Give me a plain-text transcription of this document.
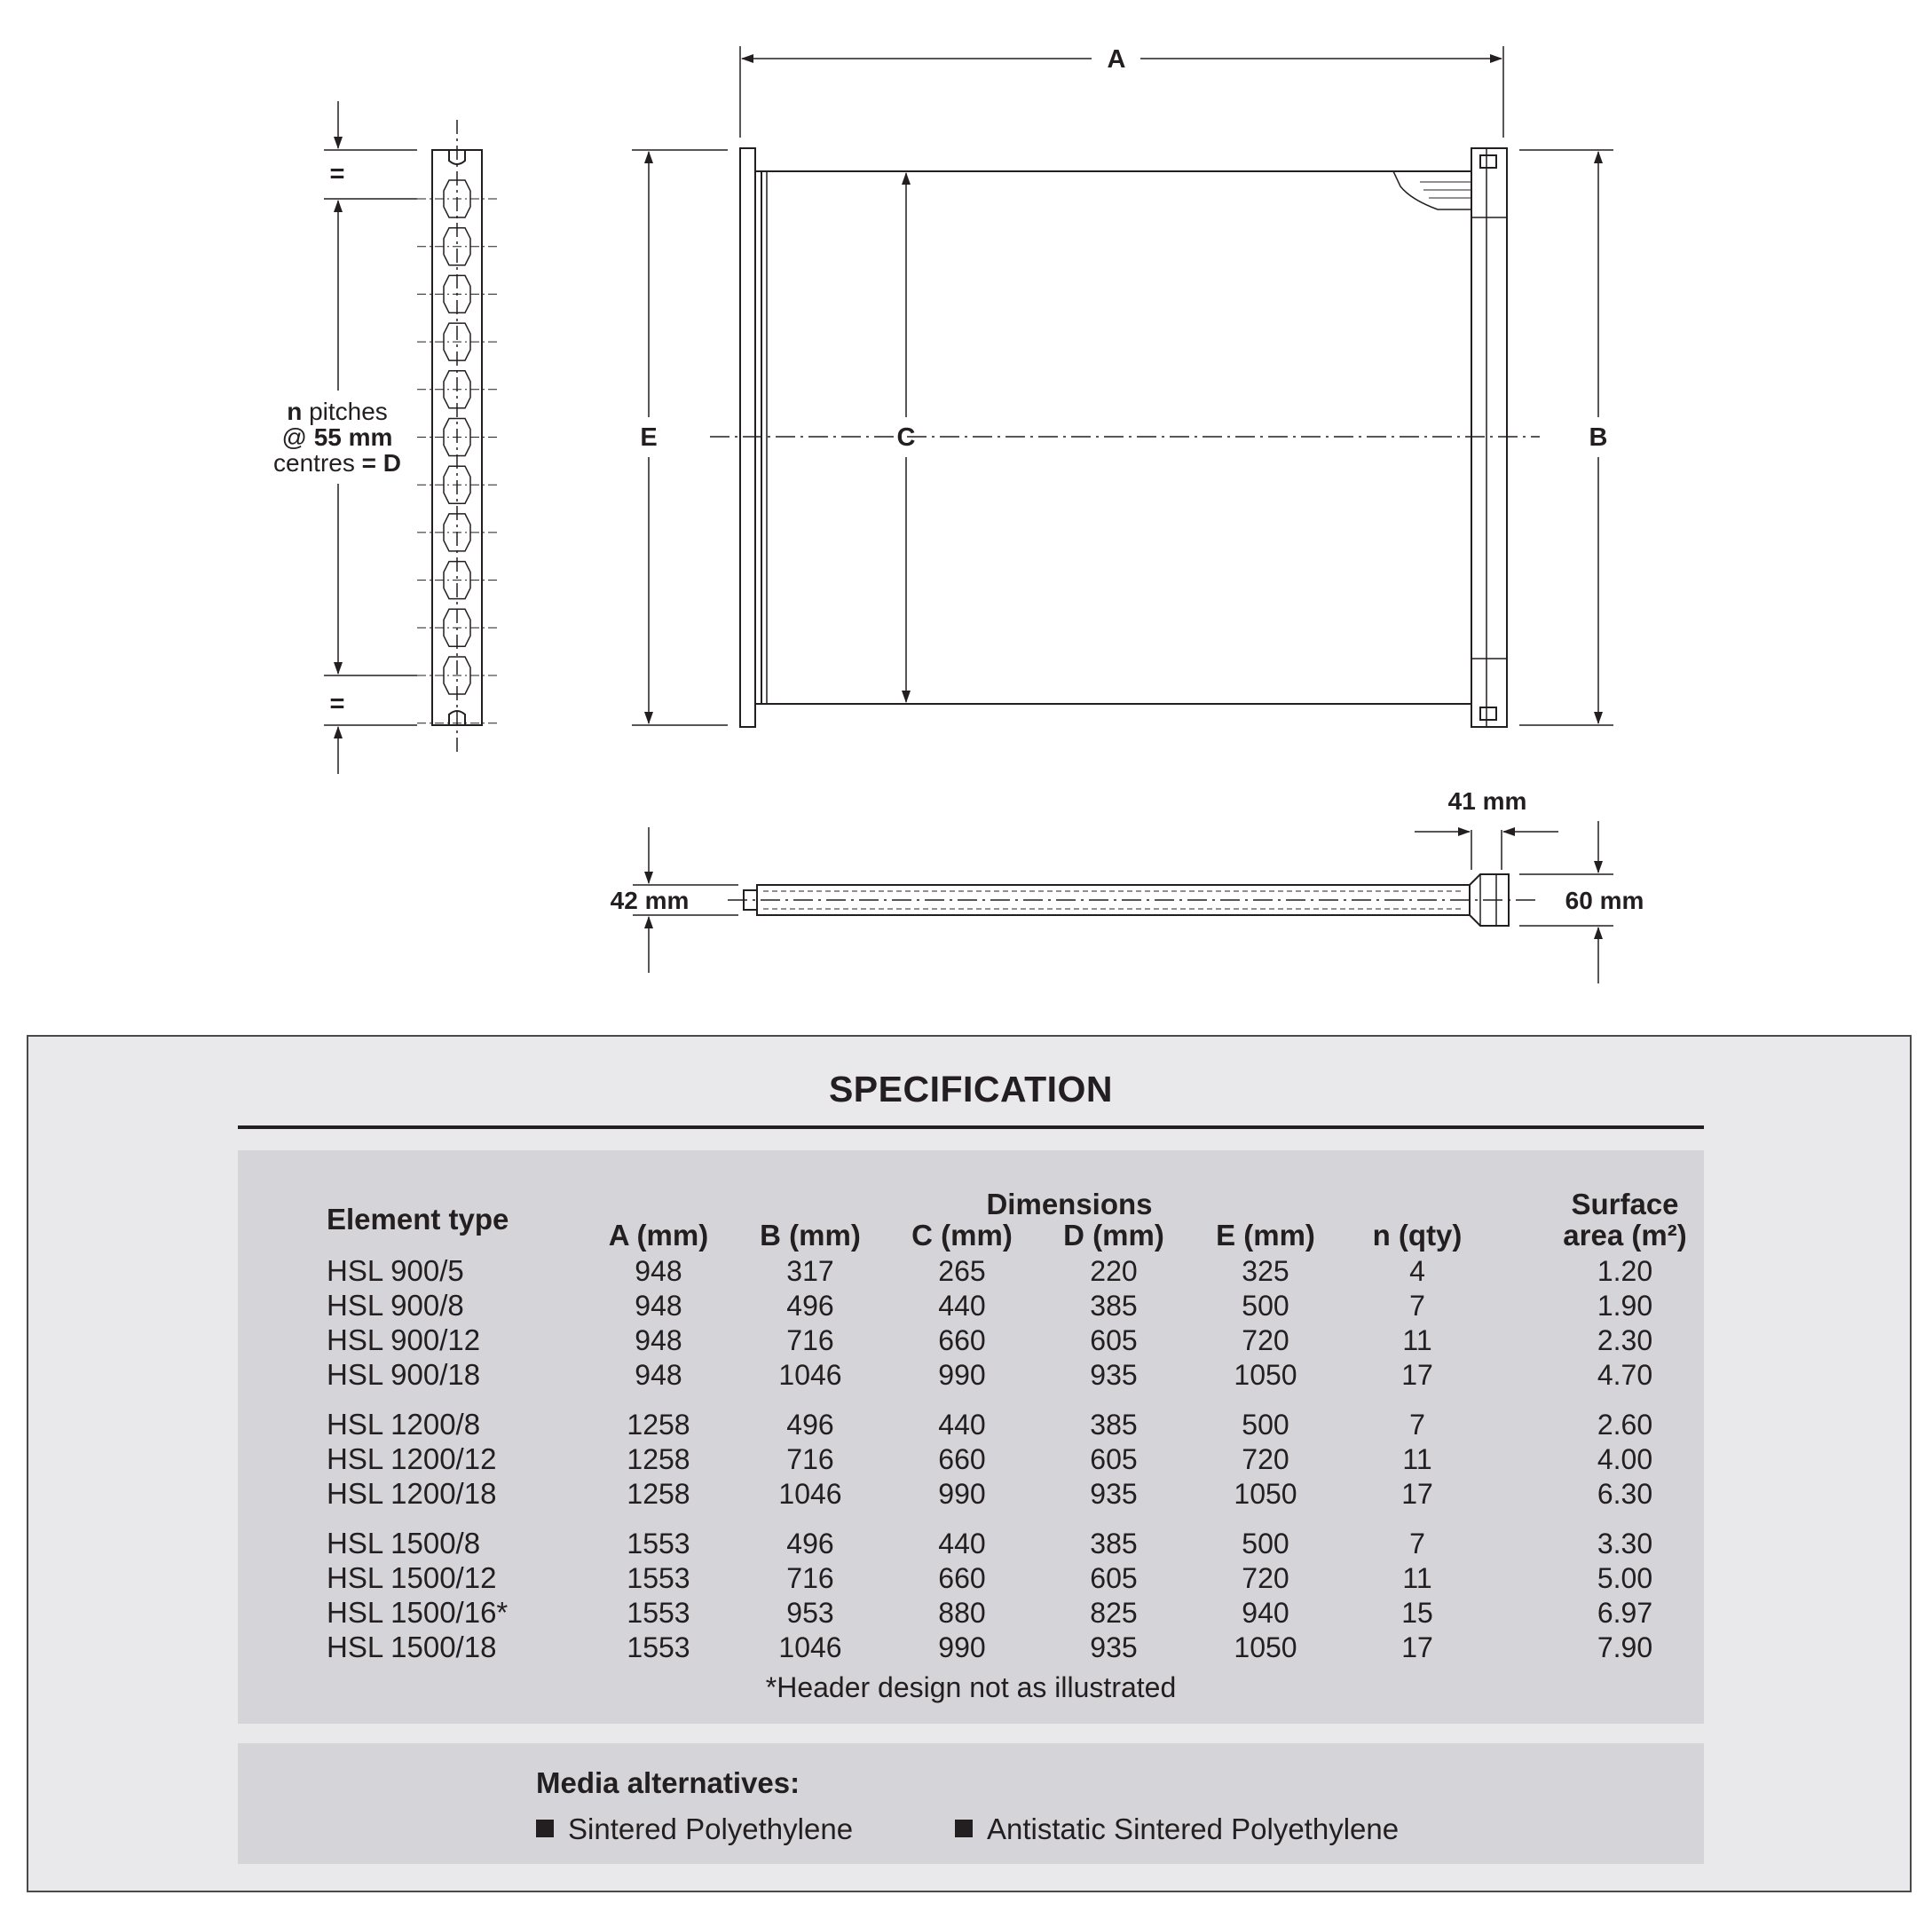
=
=
n pitches
@ 55 mm
centres = D
A
E	C	B
42 mm
41 mm
60 mm
SPECIFICATION
Element type	Dimensions	Surface
A (mm) B (mm) C (mm) D (mm) E (mm) n (qty)	area (m²)
HSL 900/5	948	317	265	220	325	4	1.20
HSL 900/8	948	496	440	385	500	7	1.90
HSL 900/12	948	716	660	605	720	11	2.30
HSL 900/18	948	1046	990	935	1050	17	4.70
HSL 1200/8	1258	496	440	385	500	7	2.60
HSL 1200/12	1258	716	660	605	720	11	4.00
HSL 1200/18	1258	1046	990	935	1050	17	6.30
HSL 1500/8	1553	496	440	385	500	7	3.30
HSL 1500/12	1553	716	660	605	720	11	5.00
HSL 1500/16*	1553	953	880	825	940	15	6.97
HSL 1500/18	1553	1046	990	935	1050	17	7.90
*Header design not as illustrated
Media alternatives:
Sintered Polyethylene	Antistatic Sintered Polyethylene
